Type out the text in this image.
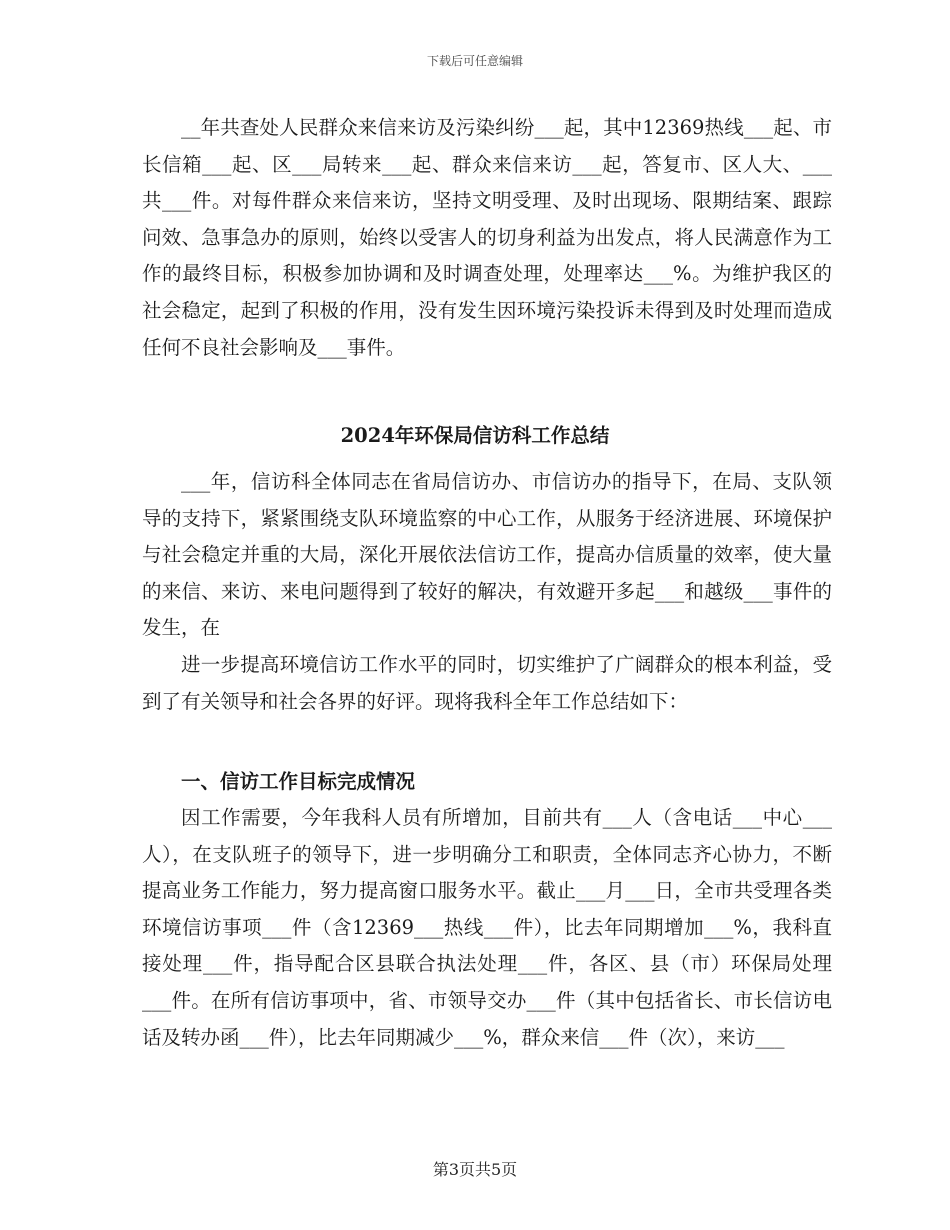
下载后可任意编辑

__年共查处人民群众来信来访及污染纠纷___起，其中12369热线___起、市长信箱___起、区___局转来___起、群众来信来访___起，答复市、区人大、___共___件。对每件群众来信来访，坚持文明受理、及时出现场、限期结案、跟踪问效、急事急办的原则，始终以受害人的切身利益为出发点，将人民满意作为工作的最终目标，积极参加协调和及时调查处理，处理率达___%。为维护我区的社会稳定，起到了积极的作用，没有发生因环境污染投诉未得到及时处理而造成任何不良社会影响及___事件。

2024年环保局信访科工作总结

___年，信访科全体同志在省局信访办、市信访办的指导下，在局、支队领导的支持下，紧紧围绕支队环境监察的中心工作，从服务于经济进展、环境保护与社会稳定并重的大局，深化开展依法信访工作，提高办信质量的效率，使大量的来信、来访、来电问题得到了较好的解决，有效避开多起___和越级___事件的发生，在

进一步提高环境信访工作水平的同时，切实维护了广阔群众的根本利益，受到了有关领导和社会各界的好评。现将我科全年工作总结如下：

一、信访工作目标完成情况

因工作需要，今年我科人员有所增加，目前共有___人（含电话___中心___人），在支队班子的领导下，进一步明确分工和职责，全体同志齐心协力，不断提高业务工作能力，努力提高窗口服务水平。截止___月___日，全市共受理各类环境信访事项___件（含12369___热线___件），比去年同期增加___%，我科直接处理___件，指导配合区县联合执法处理___件，各区、县（市）环保局处理___件。在所有信访事项中，省、市领导交办___件（其中包括省长、市长信访电话及转办函___件），比去年同期减少___%，群众来信___件（次），来访___

第3页共5页
